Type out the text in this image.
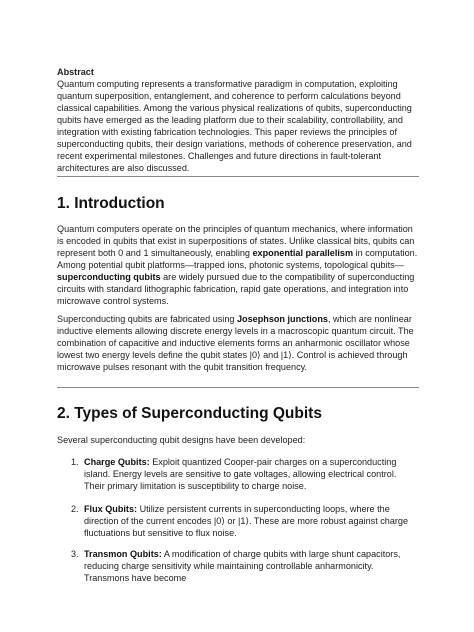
Abstract

Quantum computing represents a transformative paradigm in computation, exploiting quantum superposition, entanglement, and coherence to perform calculations beyond classical capabilities. Among the various physical realizations of qubits, superconducting qubits have emerged as the leading platform due to their scalability, controllability, and integration with existing fabrication technologies. This paper reviews the principles of superconducting qubits, their design variations, methods of coherence preservation, and recent experimental milestones. Challenges and future directions in fault-tolerant architectures are also discussed.

1. Introduction

Quantum computers operate on the principles of quantum mechanics, where information is encoded in qubits that exist in superpositions of states. Unlike classical bits, qubits can represent both 0 and 1 simultaneously, enabling exponential parallelism in computation. Among potential qubit platforms—trapped ions, photonic systems, topological qubits—superconducting qubits are widely pursued due to the compatibility of superconducting circuits with standard lithographic fabrication, rapid gate operations, and integration into microwave control systems.

Superconducting qubits are fabricated using Josephson junctions, which are nonlinear inductive elements allowing discrete energy levels in a macroscopic quantum circuit. The combination of capacitive and inductive elements forms an anharmonic oscillator whose lowest two energy levels define the qubit states |0⟩ and |1⟩. Control is achieved through microwave pulses resonant with the qubit transition frequency.

2. Types of Superconducting Qubits

Several superconducting qubit designs have been developed:

1. Charge Qubits: Exploit quantized Cooper-pair charges on a superconducting island. Energy levels are sensitive to gate voltages, allowing electrical control. Their primary limitation is susceptibility to charge noise.

2. Flux Qubits: Utilize persistent currents in superconducting loops, where the direction of the current encodes |0⟩ or |1⟩. These are more robust against charge fluctuations but sensitive to flux noise.

3. Transmon Qubits: A modification of charge qubits with large shunt capacitors, reducing charge sensitivity while maintaining controllable anharmonicity. Transmons have become
